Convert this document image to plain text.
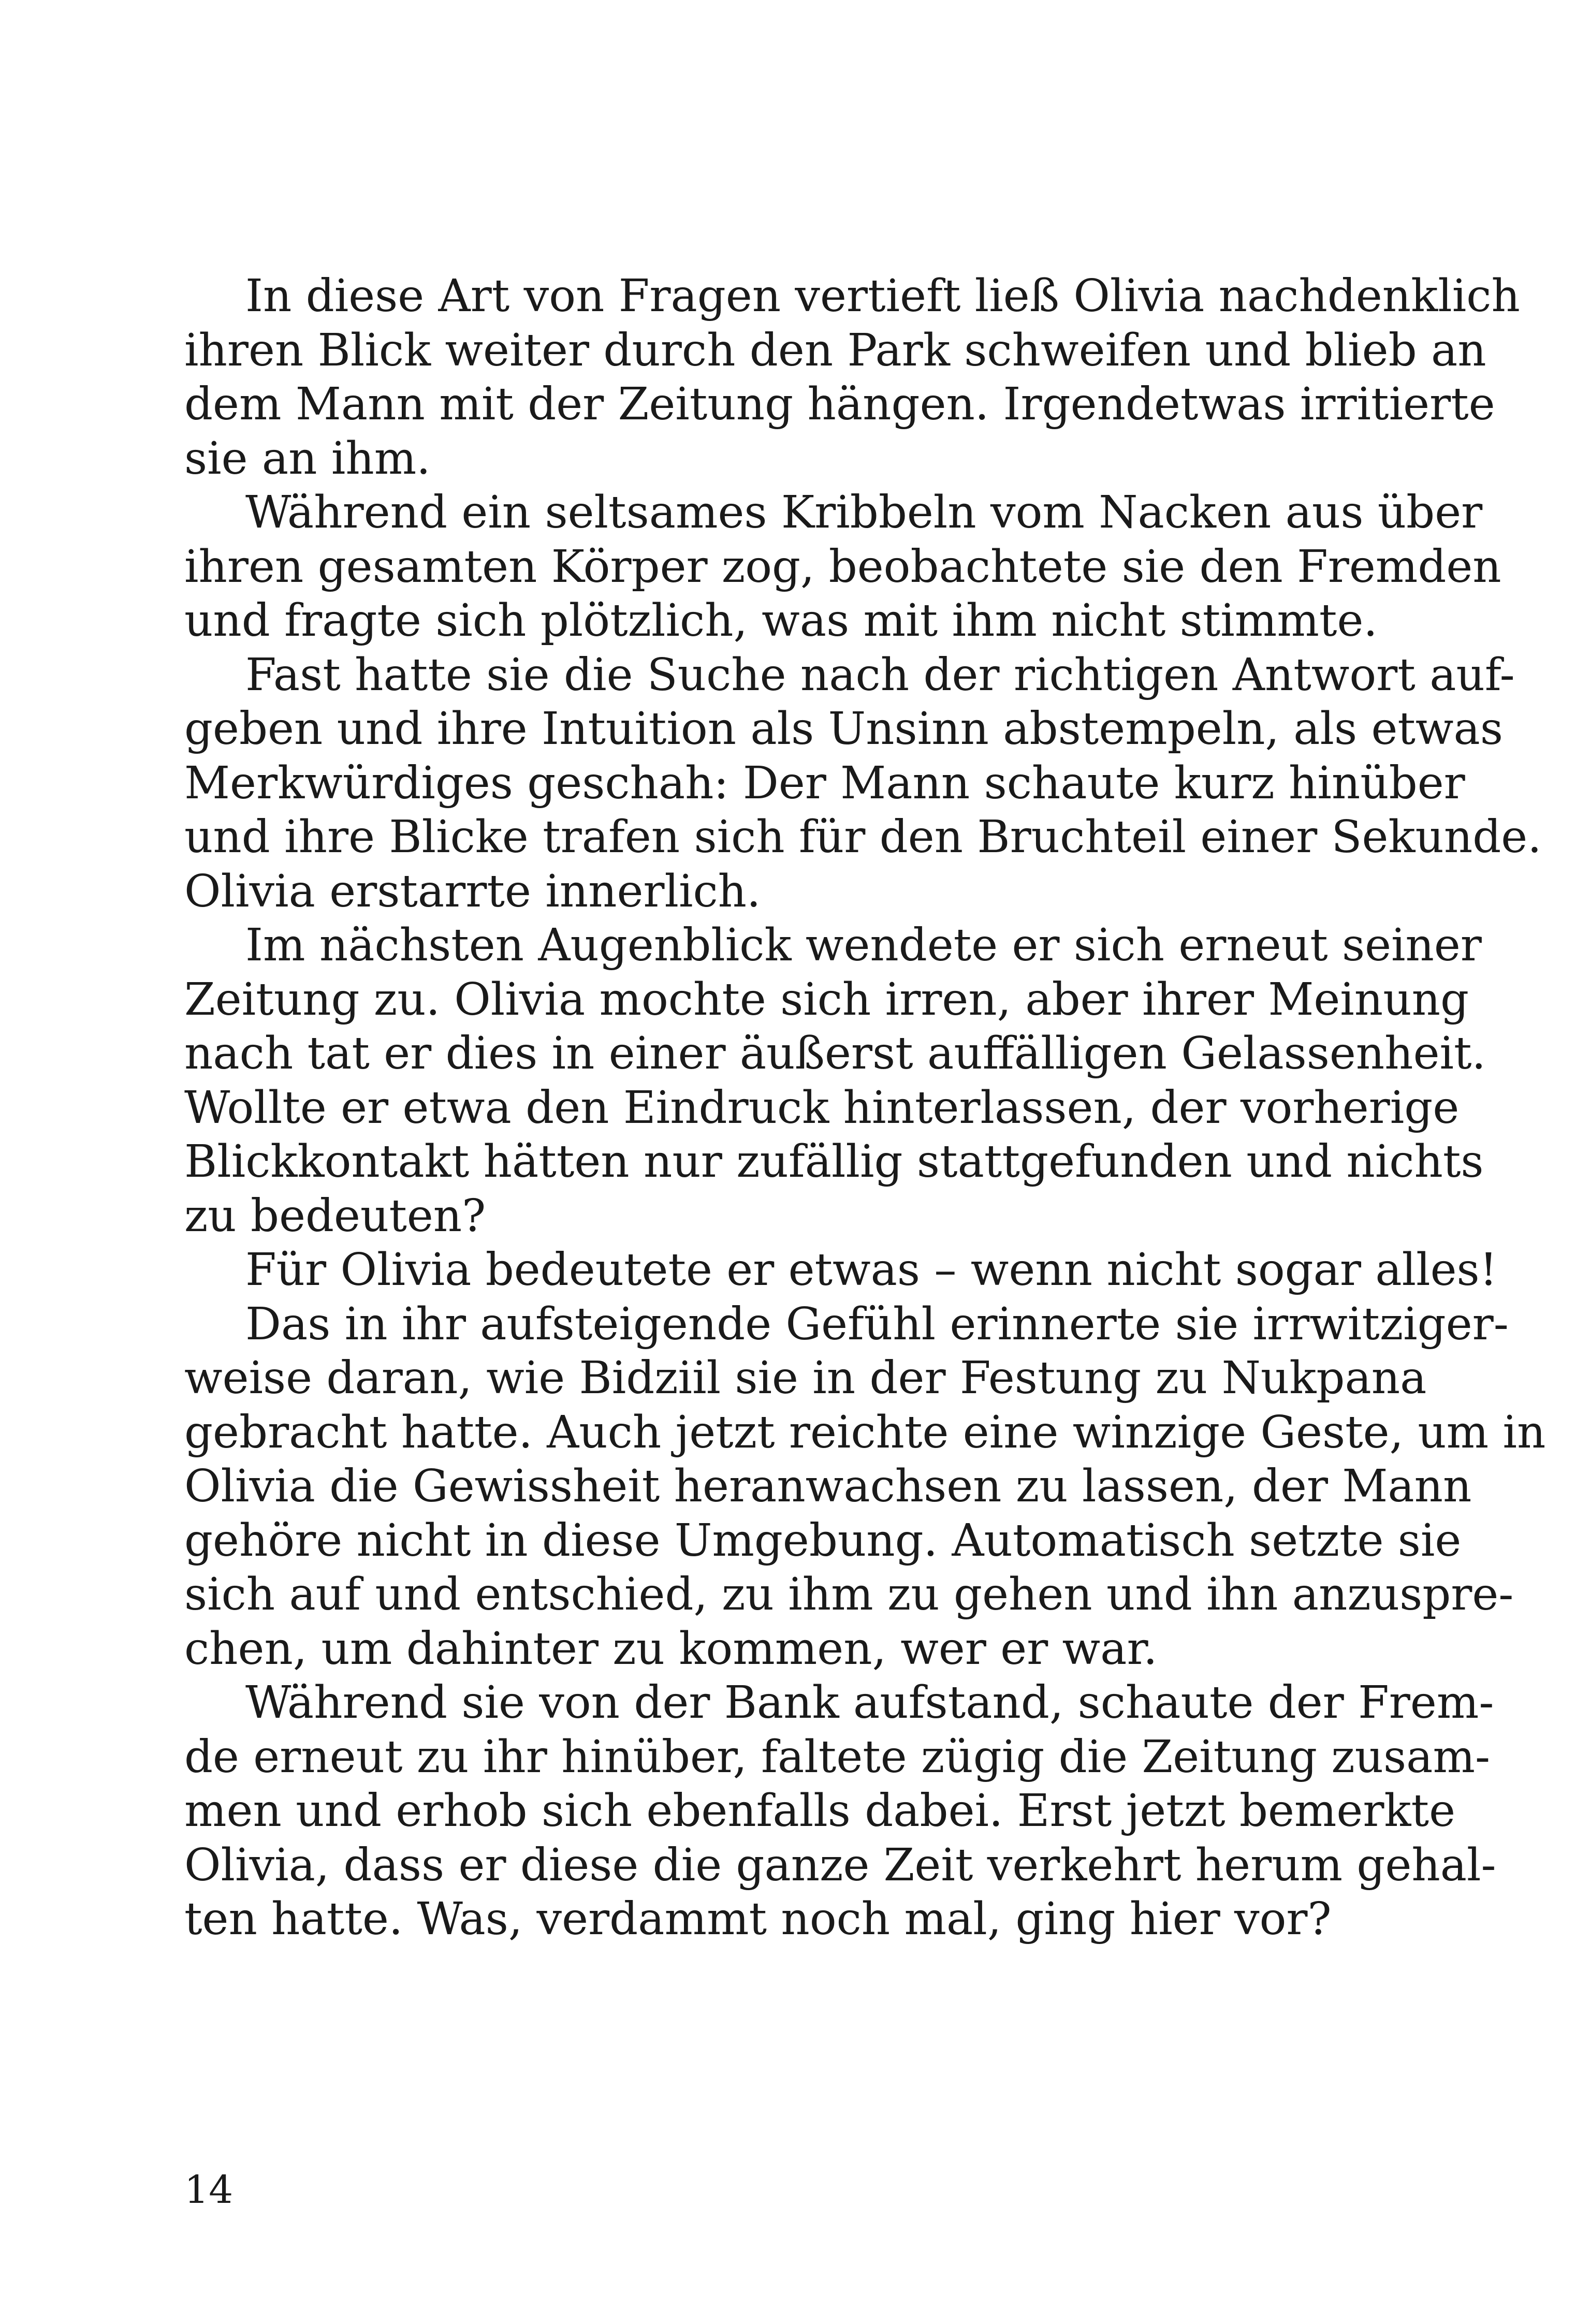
In diese Art von Fragen vertieft ließ Olivia nachdenklich
ihren Blick weiter durch den Park schweifen und blieb an
dem Mann mit der Zeitung hängen. Irgendetwas irritierte
sie an ihm.
Während ein seltsames Kribbeln vom Nacken aus über
ihren gesamten Körper zog, beobachtete sie den Fremden
und fragte sich plötzlich, was mit ihm nicht stimmte.
Fast hatte sie die Suche nach der richtigen Antwort auf-
geben und ihre Intuition als Unsinn abstempeln, als etwas
Merkwürdiges geschah: Der Mann schaute kurz hinüber
und ihre Blicke trafen sich für den Bruchteil einer Sekunde.
Olivia erstarrte innerlich.
Im nächsten Augenblick wendete er sich erneut seiner
Zeitung zu. Olivia mochte sich irren, aber ihrer Meinung
nach tat er dies in einer äußerst auffälligen Gelassenheit.
Wollte er etwa den Eindruck hinterlassen, der vorherige
Blickkontakt hätten nur zufällig stattgefunden und nichts
zu bedeuten?
Für Olivia bedeutete er etwas – wenn nicht sogar alles!
Das in ihr aufsteigende Gefühl erinnerte sie irrwitziger-
weise daran, wie Bidziil sie in der Festung zu Nukpana
gebracht hatte. Auch jetzt reichte eine winzige Geste, um in
Olivia die Gewissheit heranwachsen zu lassen, der Mann
gehöre nicht in diese Umgebung. Automatisch setzte sie
sich auf und entschied, zu ihm zu gehen und ihn anzuspre-
chen, um dahinter zu kommen, wer er war.
Während sie von der Bank aufstand, schaute der Frem-
de erneut zu ihr hinüber, faltete zügig die Zeitung zusam-
men und erhob sich ebenfalls dabei. Erst jetzt bemerkte
Olivia, dass er diese die ganze Zeit verkehrt herum gehal-
ten hatte. Was, verdammt noch mal, ging hier vor?
14
